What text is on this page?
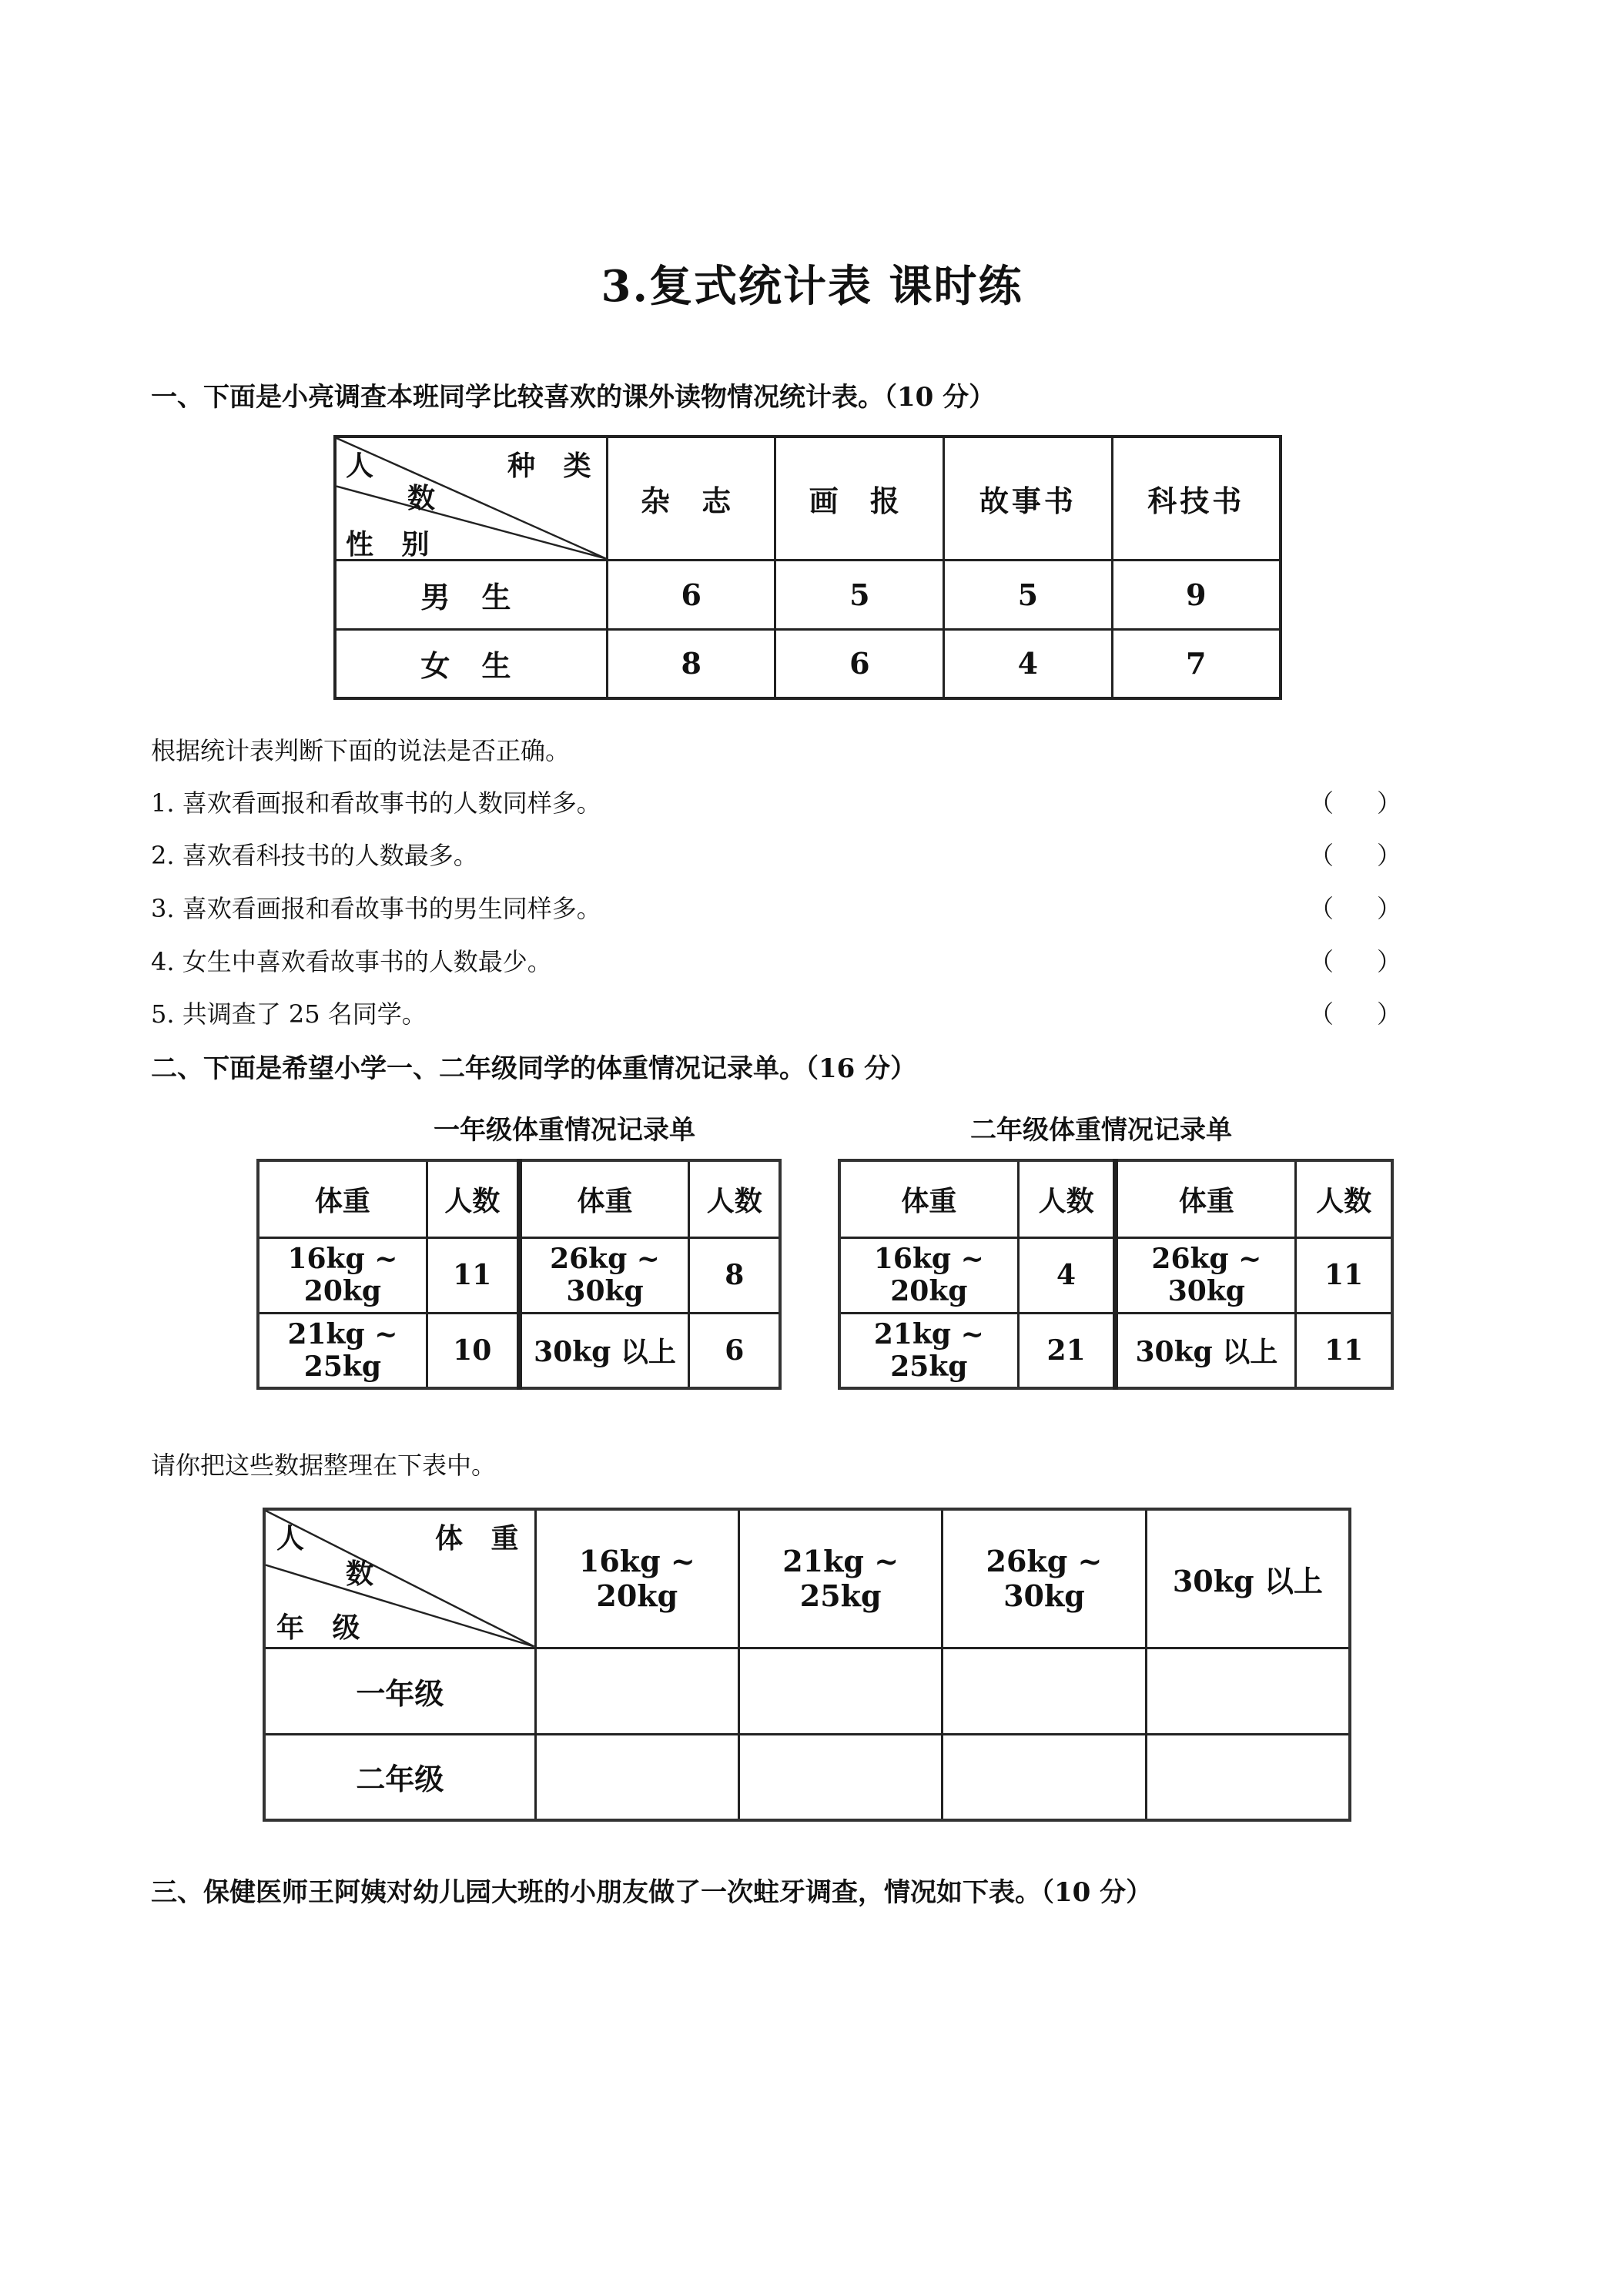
3.复式统计表 课时练
一、下面是小亮调查本班同学比较喜欢的课外读物情况统计表。（10 分）
人 种 类
数
性 别	杂 志	画 报	故事书	科技书
男 生	6	5	5	9
女 生	8	6	4	7
根据统计表判断下面的说法是否正确。
1. 喜欢看画报和看故事书的人数同样多。	（ ）
2. 喜欢看科技书的人数最多。	（ ）
3. 喜欢看画报和看故事书的男生同样多。	（ ）
4. 女生中喜欢看故事书的人数最少。	（ ）
5. 共调查了 25 名同学。	（ ）
二、下面是希望小学一、二年级同学的体重情况记录单。（16 分）
一年级体重情况记录单	二年级体重情况记录单
体重	人数	体重	人数
16kg ~ 20kg	11	26kg ~ 30kg	8
21kg ~ 25kg	10	30kg 以上	6
体重	人数	体重	人数
16kg ~ 20kg	4	26kg ~ 30kg	11
21kg ~ 25kg	21	30kg 以上	11
请你把这些数据整理在下表中。
人 体 重
数
年 级	16kg ~ 20kg	21kg ~ 25kg	26kg ~ 30kg	30kg 以上
一年级				
二年级				
三、保健医师王阿姨对幼儿园大班的小朋友做了一次蛀牙调查，情况如下表。（10 分）
